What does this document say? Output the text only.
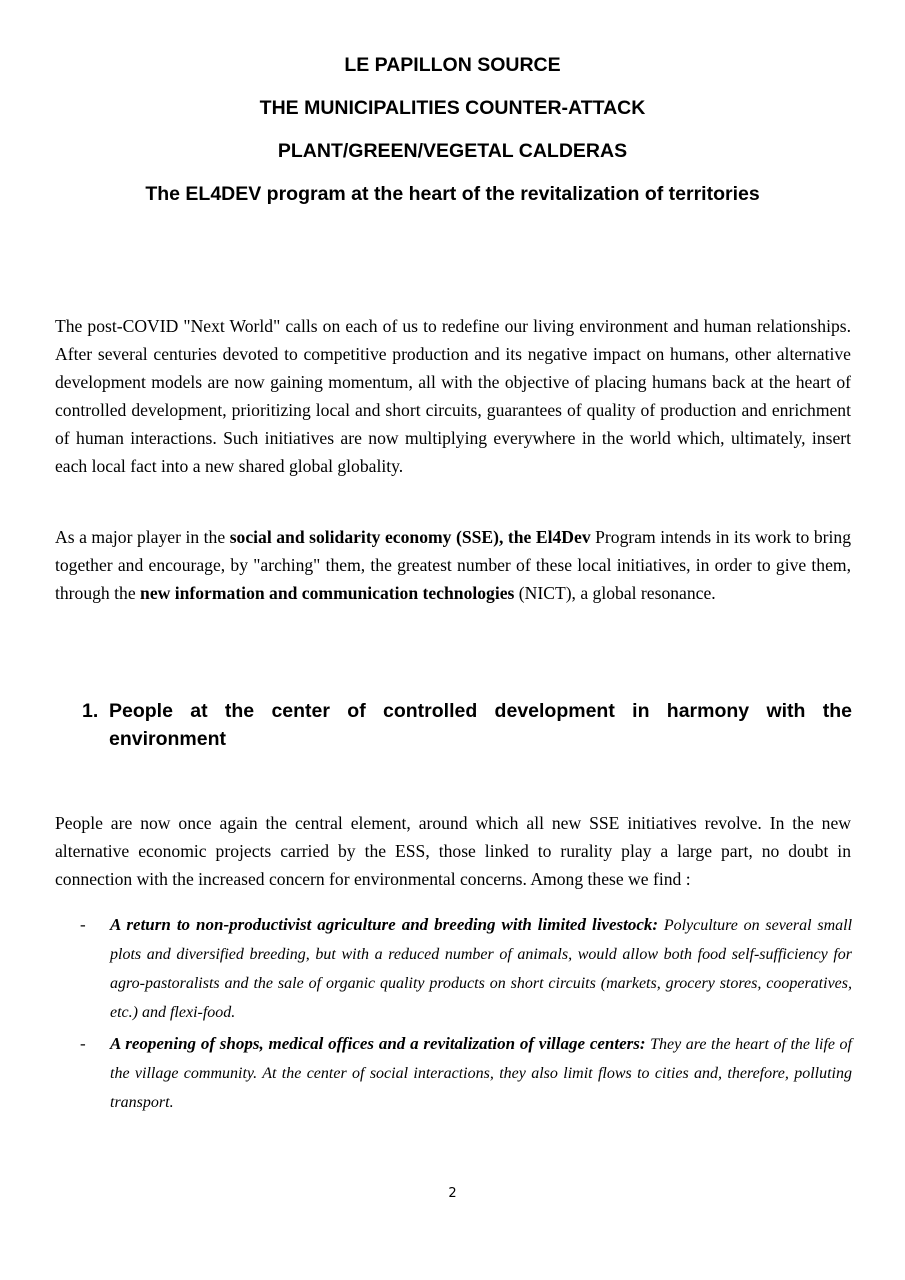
LE PAPILLON SOURCE
THE MUNICIPALITIES COUNTER-ATTACK
PLANT/GREEN/VEGETAL CALDERAS
The EL4DEV program at the heart of the revitalization of territories

The post-COVID "Next World" calls on each of us to redefine our living environment and human relationships. After several centuries devoted to competitive production and its negative impact on humans, other alternative development models are now gaining momentum, all with the objective of placing humans back at the heart of controlled development, prioritizing local and short circuits, guarantees of quality of production and enrichment of human interactions. Such initiatives are now multiplying everywhere in the world which, ultimately, insert each local fact into a new shared global globality.

As a major player in the social and solidarity economy (SSE), the El4Dev Program intends in its work to bring together and encourage, by "arching" them, the greatest number of these local initiatives, in order to give them, through the new information and communication technologies (NICT), a global resonance.

1. People at the center of controlled development in harmony with the environment

People are now once again the central element, around which all new SSE initiatives revolve. In the new alternative economic projects carried by the ESS, those linked to rurality play a large part, no doubt in connection with the increased concern for environmental concerns. Among these we find :

- A return to non-productivist agriculture and breeding with limited livestock: Polyculture on several small plots and diversified breeding, but with a reduced number of animals, would allow both food self-sufficiency for agro-pastoralists and the sale of organic quality products on short circuits (markets, grocery stores, cooperatives, etc.) and flexi-food.
- A reopening of shops, medical offices and a revitalization of village centers: They are the heart of the life of the village community. At the center of social interactions, they also limit flows to cities and, therefore, polluting transport.
2
